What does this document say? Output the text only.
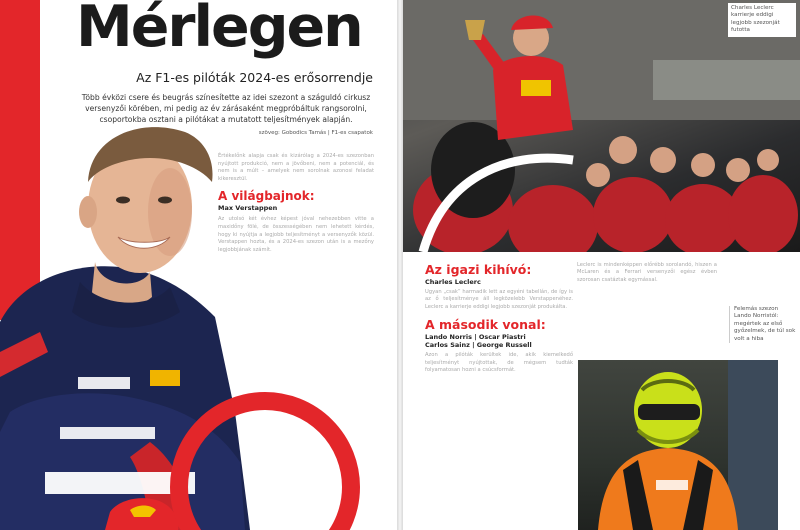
Mérlegen
Az F1-es pilóták 2024-es erősorrendje
Több évközi csere és beugrás színesítette az idei szezont a száguldó cirkusz versenyzői körében, mi pedig az év zárásaként megpróbáltuk rangsorolni, csoportokba osztani a pilótákat a mutatott teljesítmények alapján.
szöveg: Gobodics Tamás | F1-es csapatok

Értékelőnk alapja csak és kizárólag a 2024-es szezonban nyújtott produkció, nem a jövőbeni, nem a potenciál, és nem is a múlt – amelyek nem sorolnak azonosi feladat kikeresztül.

A világbajnok:
Max Verstappen

Az utolsó két évhez képest jóval nehezebben vitte a maxidőny fölé, de összességében nem lehetett kérdés, hogy ki nyújtja a legjobb teljesítményt a versenyzők közül. Verstappen hozta, és a 2024-es szezon után is a mezőny legjobbjának számít.

Charles Leclerc karrierje eddigi legjobb szezonját futotta
Az igazi kihívó:
Charles Leclerc

Ugyan „csak” harmadik lett az egyéni tabellán, de így is az ő teljesítménye áll legközelebb Verstappenéhez. Leclerc a karrierje eddigi legjobb szezonját produkálta.

A második vonal:
Lando Norris | Oscar Piastri
Carlos Sainz | George Russell

Azon a pilóták kerültek ide, akik kiemelkedő teljesítményt nyújtottak, de mégsem tudták folyamatosan hozni a csúcsformát.

Leclerc is mindenképpen előrébb sorolandó, hiszen a McLaren és a Ferrari versenyzői egész évben szorosan csatáztak egymással.

Felemás szezon Lando Norristól: megértek az első győzelmek, de túl sok volt a hiba
